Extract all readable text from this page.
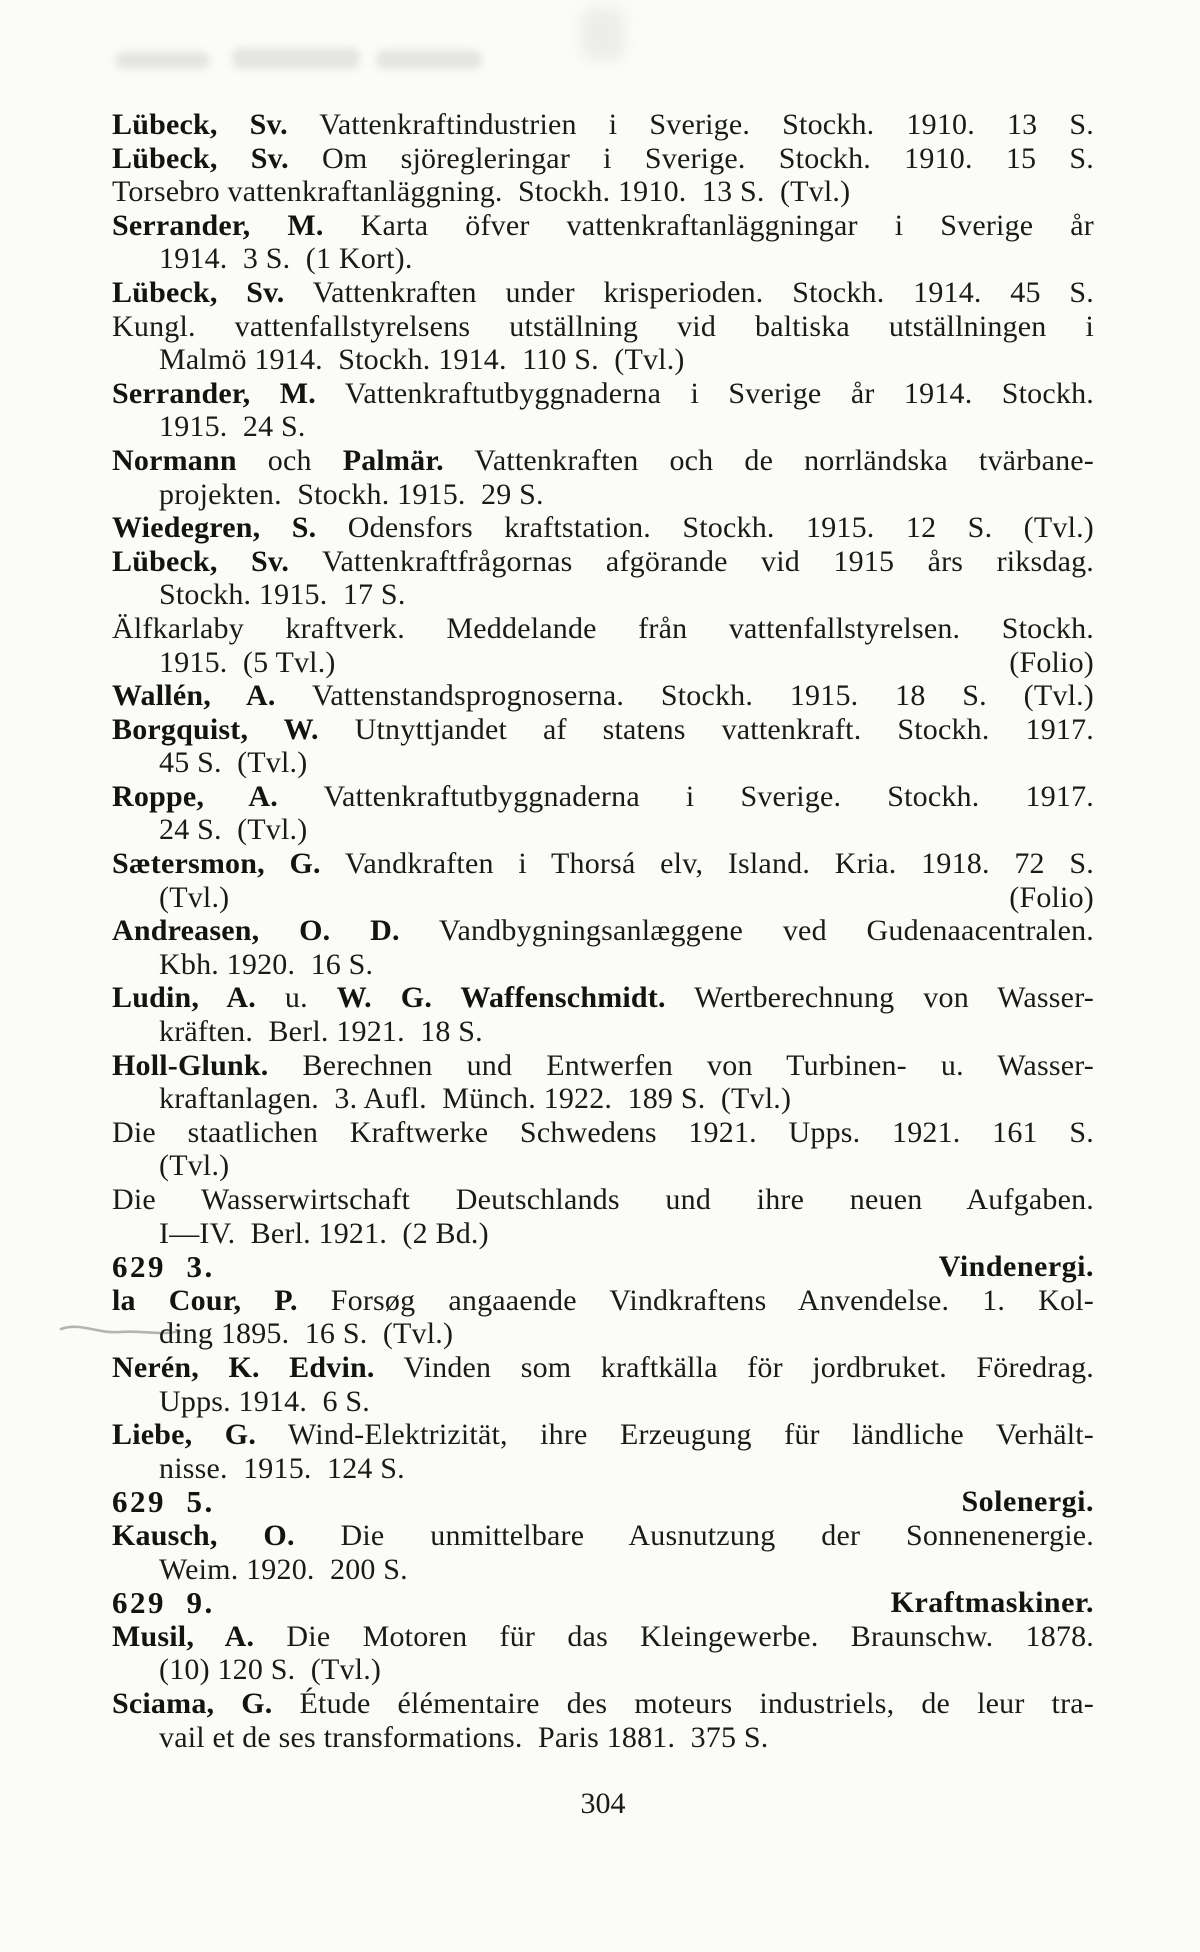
Lübeck, Sv. Vattenkraftindustrien i Sverige. Stockh. 1910. 13 S.
Lübeck, Sv. Om sjöregleringar i Sverige. Stockh. 1910. 15 S.
Torsebro vattenkraftanläggning.  Stockh. 1910.  13 S.  (Tvl.)
Serrander, M. Karta öfver vattenkraftanläggningar i Sverige år
1914.  3 S.  (1 Kort).
Lübeck, Sv. Vattenkraften under krisperioden. Stockh. 1914. 45 S.
Kungl. vattenfallstyrelsens utställning vid baltiska utställningen i
Malmö 1914.  Stockh. 1914.  110 S.  (Tvl.)
Serrander, M. Vattenkraftutbyggnaderna i Sverige år 1914. Stockh.
1915.  24 S.
Normann och Palmär. Vattenkraften och de norrländska tvärbane-
projekten.  Stockh. 1915.  29 S.
Wiedegren, S. Odensfors kraftstation. Stockh. 1915. 12 S. (Tvl.)
Lübeck, Sv. Vattenkraftfrågornas afgörande vid 1915 års riksdag.
Stockh. 1915.  17 S.
Älfkarlaby kraftverk. Meddelande från vattenfallstyrelsen. Stockh.
1915.  (5 Tvl.)	(Folio)
Wallén, A. Vattenstandsprognoserna. Stockh. 1915. 18 S. (Tvl.)
Borgquist, W. Utnyttjandet af statens vattenkraft. Stockh. 1917.
45 S.  (Tvl.)
Roppe, A. Vattenkraftutbyggnaderna i Sverige. Stockh. 1917.
24 S.  (Tvl.)
Sætersmon, G. Vandkraften i Thorsá elv, Island. Kria. 1918. 72 S.
(Tvl.)	(Folio)
Andreasen, O. D. Vandbygningsanlæggene ved Gudenaacentralen.
Kbh. 1920.  16 S.
Ludin, A. u. W. G. Waffenschmidt. Wertberechnung von Wasser-
kräften.  Berl. 1921.  18 S.
Holl-Glunk. Berechnen und Entwerfen von Turbinen- u. Wasser-
kraftanlagen.  3. Aufl.  Münch. 1922.  189 S.  (Tvl.)
Die staatlichen Kraftwerke Schwedens 1921. Upps. 1921. 161 S.
(Tvl.)
Die Wasserwirtschaft Deutschlands und ihre neuen Aufgaben.
I—IV.  Berl. 1921.  (2 Bd.)
629  3.	Vindenergi.
la Cour, P. Forsøg angaaende Vindkraftens Anvendelse. 1. Kol-
ding 1895.  16 S.  (Tvl.)
Nerén, K. Edvin. Vinden som kraftkälla för jordbruket. Föredrag.
Upps. 1914.  6 S.
Liebe, G. Wind-Elektrizität, ihre Erzeugung für ländliche Verhält-
nisse.  1915.  124 S.
629  5.	Solenergi.
Kausch, O. Die unmittelbare Ausnutzung der Sonnenenergie.
Weim. 1920.  200 S.
629  9.	Kraftmaskiner.
Musil, A. Die Motoren für das Kleingewerbe. Braunschw. 1878.
(10) 120 S.  (Tvl.)
Sciama, G. Étude élémentaire des moteurs industriels, de leur tra-
vail et de ses transformations.  Paris 1881.  375 S.
304
